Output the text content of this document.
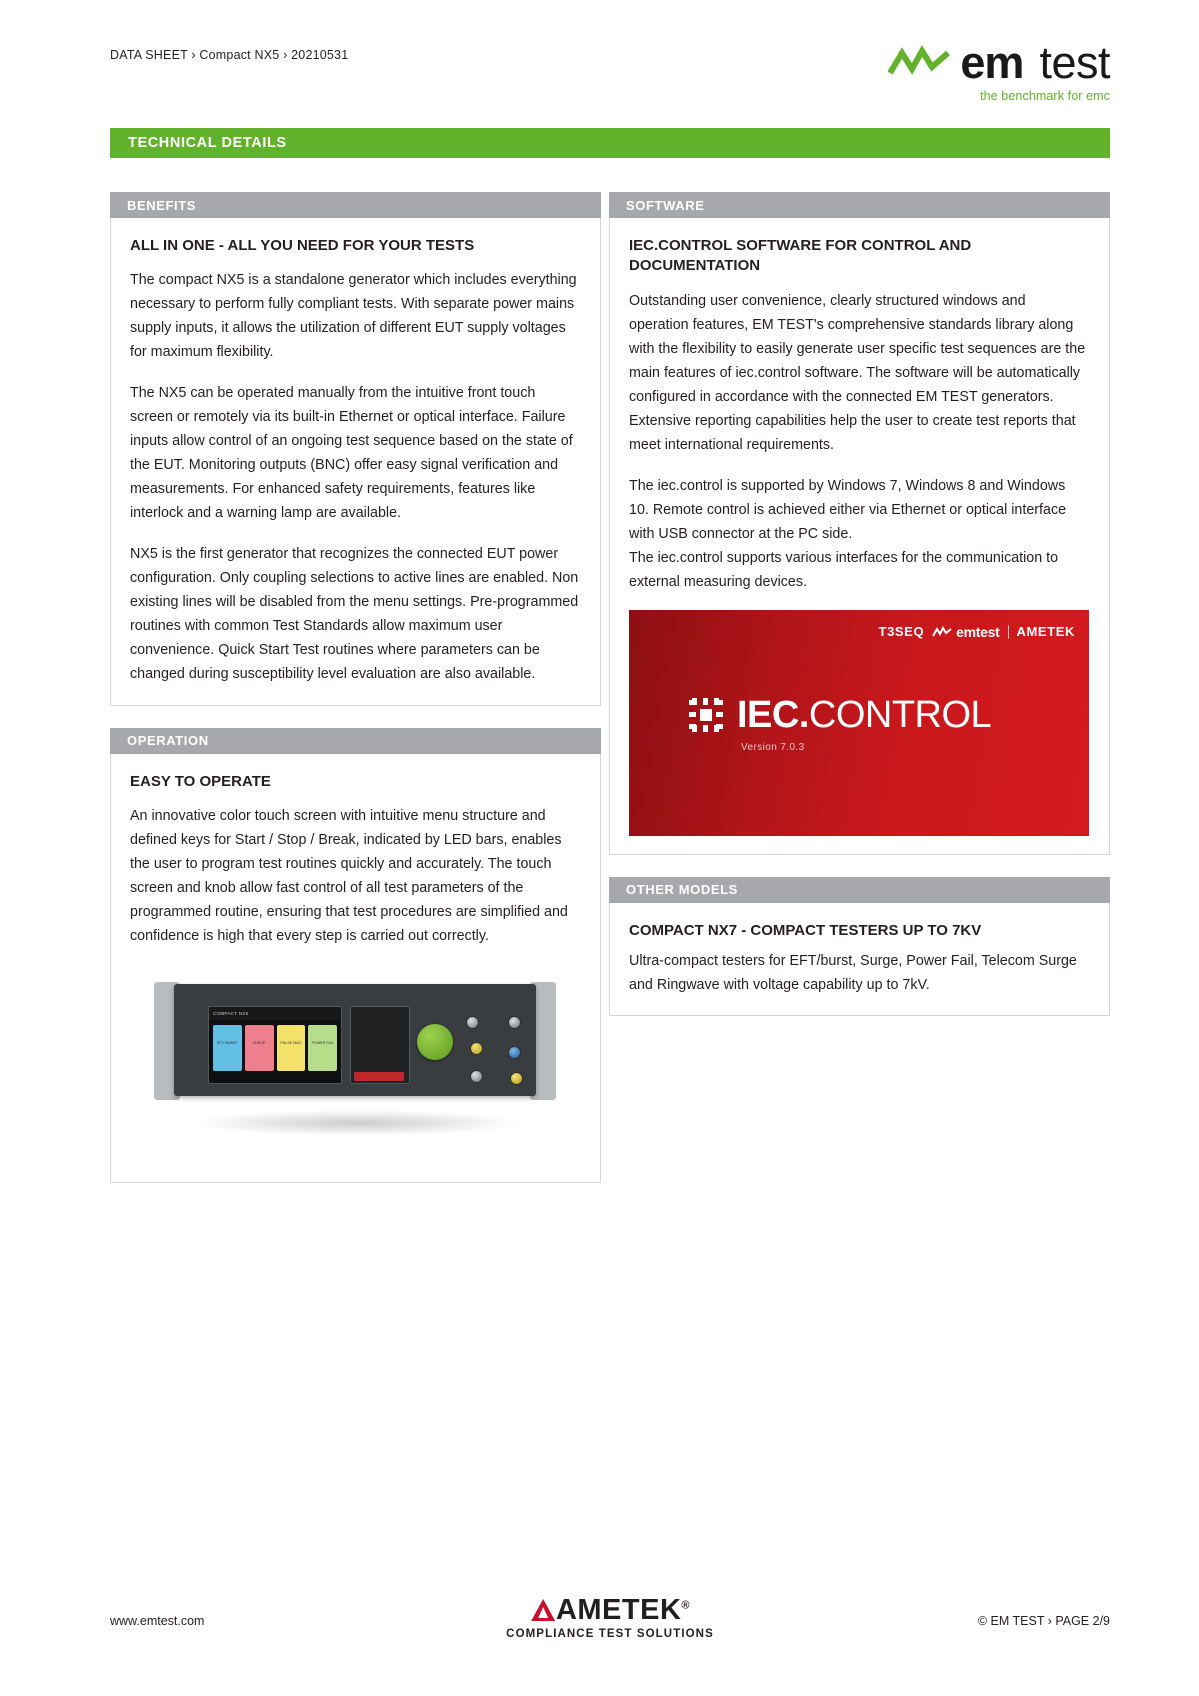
DATA SHEET › Compact NX5 › 20210531	em test
the benchmark for emc
TECHNICAL DETAILS
BENEFITS
ALL IN ONE - ALL YOU NEED FOR YOUR TESTS

The compact NX5 is a standalone generator which includes everything necessary to perform fully compliant tests. With separate power mains supply inputs, it allows the utilization of different EUT supply voltages for maximum flexibility.

The NX5 can be operated manually from the intuitive front touch screen or remotely via its built-in Ethernet or optical interface. Failure inputs allow control of an ongoing test sequence based on the state of the EUT. Monitoring outputs (BNC) offer easy signal verification and measurements. For enhanced safety requirements, features like interlock and a warning lamp are available.

NX5 is the first generator that recognizes the connected EUT power configuration. Only coupling selections to active lines are enabled. Non existing lines will be disabled from the menu settings. Pre-programmed routines with common Test Standards allow maximum user convenience. Quick Start Test routines where parameters can be changed during susceptibility level evaluation are also available.

OPERATION
EASY TO OPERATE

An innovative color touch screen with intuitive menu structure and defined keys for Start / Stop / Break, indicated by LED bars, enables the user to program test routines quickly and accurately. The touch screen and knob allow fast control of all test parameters of the programmed routine, ensuring that test procedures are simplified and confidence is high that every step is carried out correctly.

COMPACT NX5
EFT/ BURST	SURGE	PULSE MAG	POWER FAIL
SOFTWARE
IEC.CONTROL SOFTWARE FOR CONTROL AND DOCUMENTATION

Outstanding user convenience, clearly structured windows and operation features, EM TEST's comprehensive standards library along with the flexibility to easily generate user specific test sequences are the main features of iec.control software. The software will be automatically configured in accordance with the connected EM TEST generators. Extensive reporting capabilities help the user to create test reports that meet international requirements.

The iec.control is supported by Windows 7, Windows 8 and Windows 10. Remote control is achieved either via Ethernet or optical interface with USB connector at the PC side.

The iec.control supports various interfaces for the communication to external measuring devices.

T3SEQ emtest AMETEK
IEC.CONTROL
Version 7.0.3
OTHER MODELS
COMPACT NX7 - COMPACT TESTERS UP TO 7KV

Ultra-compact testers for EFT/burst, Surge, Power Fail, Telecom Surge and Ringwave with voltage capability up to 7kV.

www.emtest.com	AMETEK®
COMPLIANCE TEST SOLUTIONS
© EM TEST › PAGE 2/9
